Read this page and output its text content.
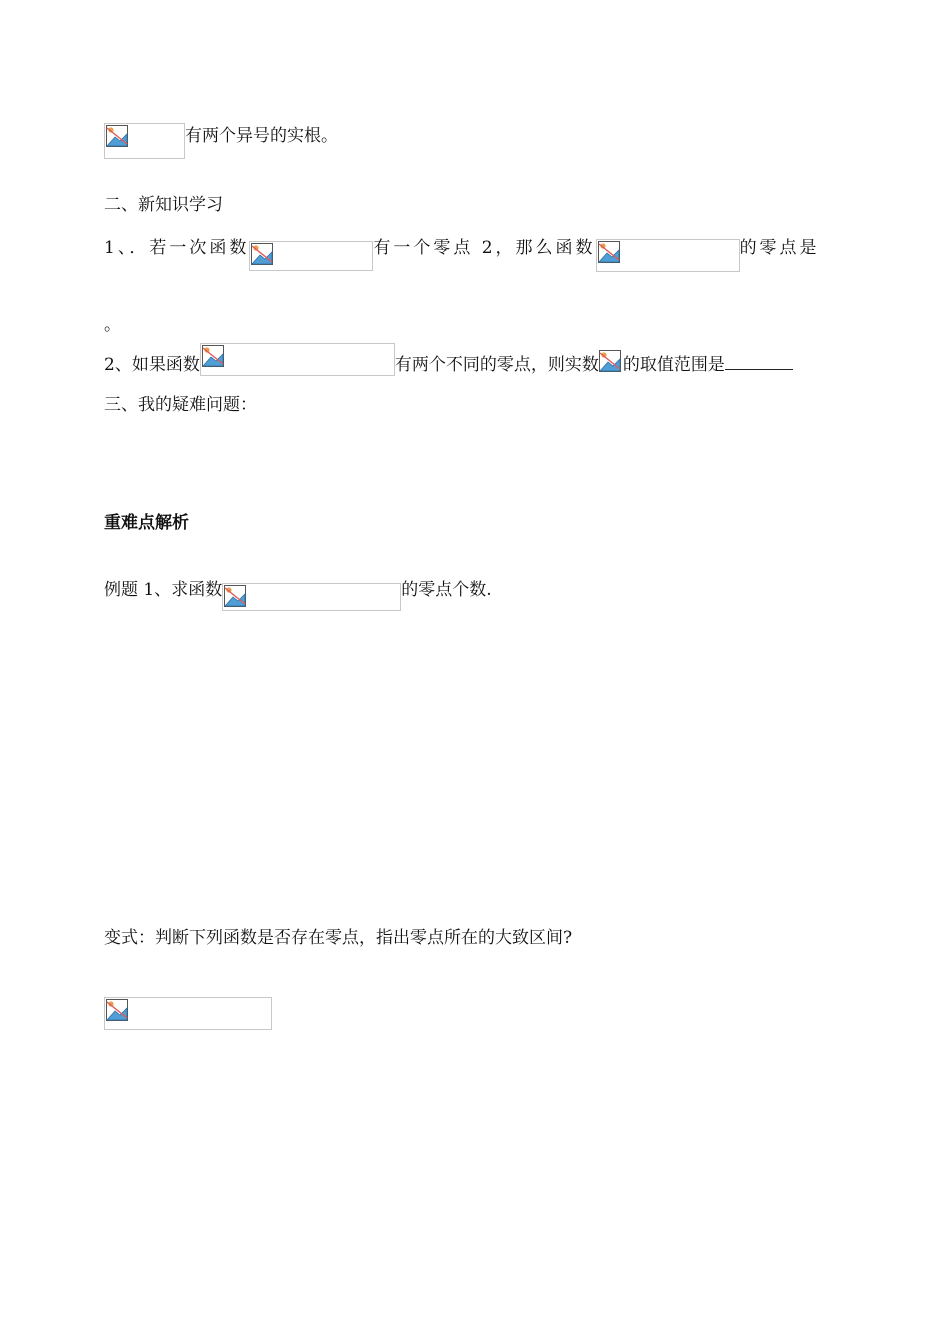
有两个异号的实根。
二、新知识学习
1、．若一次函数	有一个零点 2，那么函数	的零点是
。
2、如果函数	有两个不同的零点，则实数 的取值范围是
三、我的疑难问题：
重难点解析
例题 1、求函数	的零点个数.
变式：判断下列函数是否存在零点，指出零点所在的大致区间?
